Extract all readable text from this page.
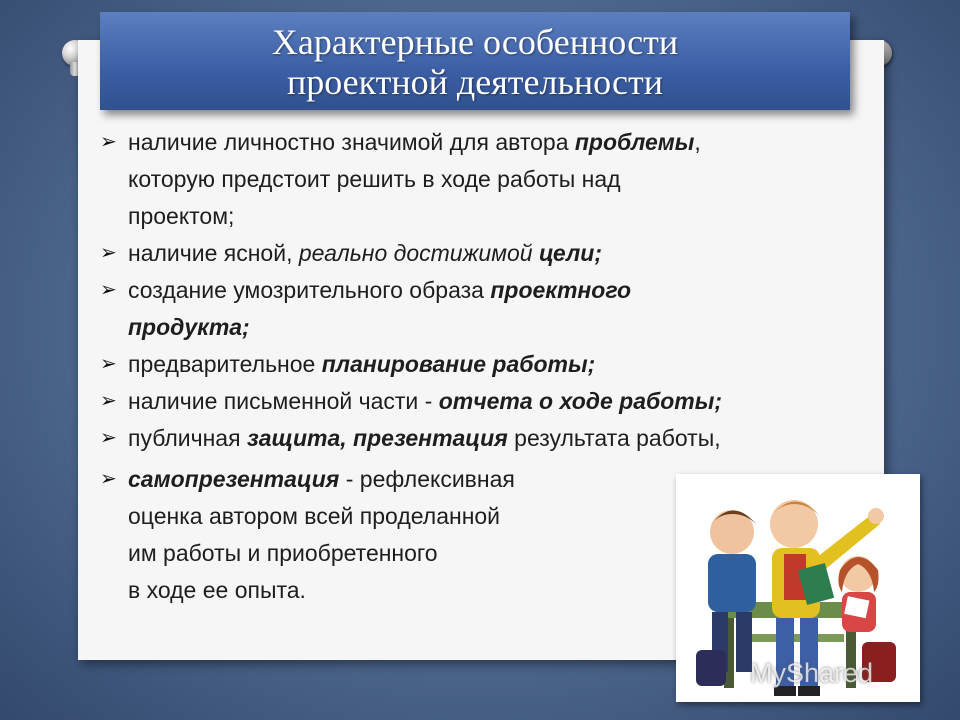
Характерные особенности
проектной деятельности
➢ наличие личностно значимой для автора проблемы,
которую предстоит решить в ходе работы над
проектом;
➢ наличие ясной, реально достижимой цели;
➢ создание умозрительного образа проектного
продукта;
➢ предварительное планирование работы;
➢ наличие письменной части - отчета о ходе работы;
➢ публичная защита, презентация результата работы,
➢ самопрезентация - рефлексивная
оценка автором всей проделанной
им работы и приобретенного
в ходе ее опыта.
MyShared
